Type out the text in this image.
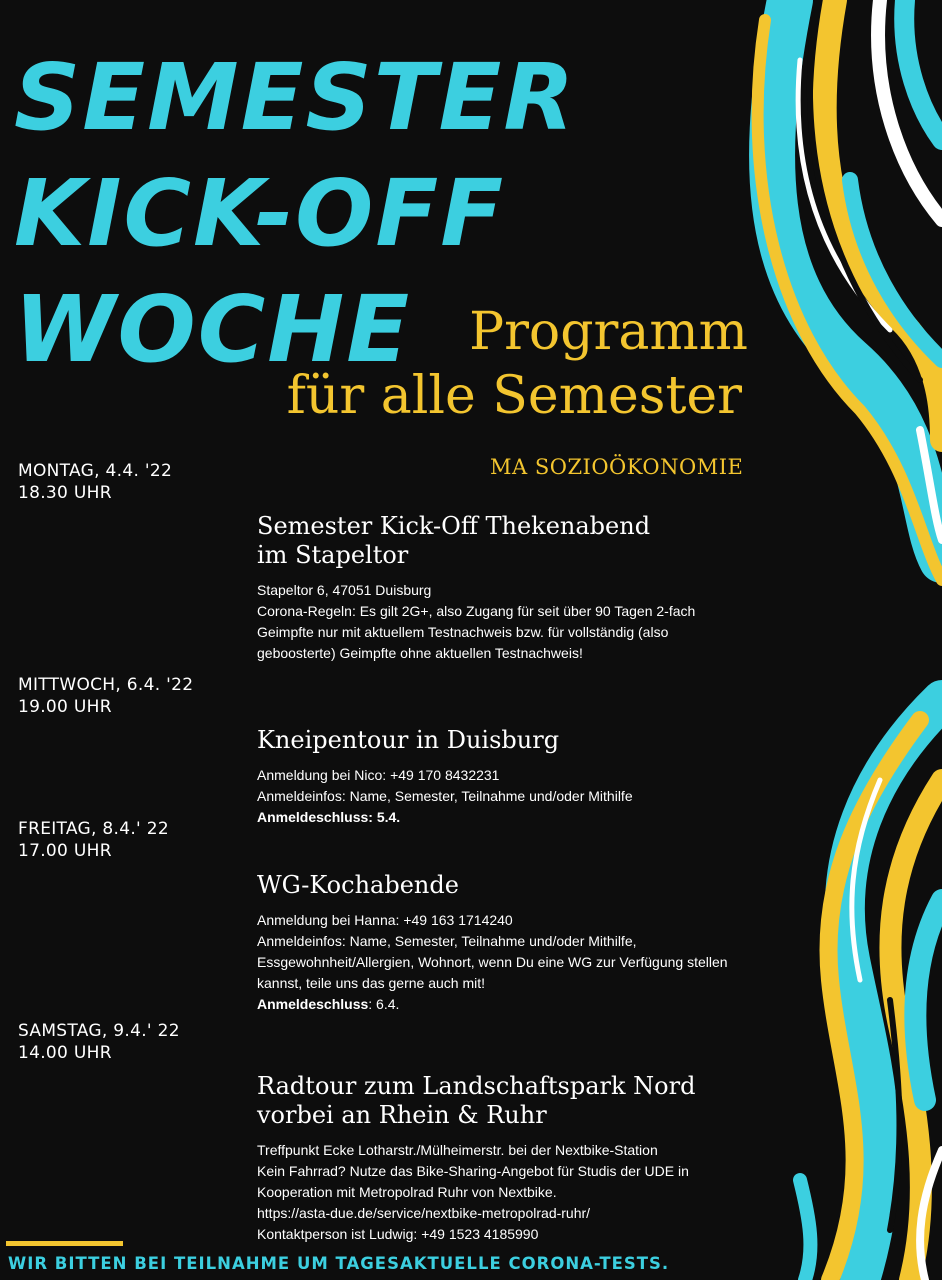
SEMESTER
KICK-OFF
WOCHE	Programm
für alle Semester
MA SOZIOÖKONOMIE
MONTAG, 4.4. '22
18.30 UHR
Semester Kick-Off Thekenabend
im Stapeltor

Stapeltor 6, 47051 Duisburg

Corona-Regeln: Es gilt 2G+, also Zugang für seit über 90 Tagen 2-fach Geimpfte nur mit aktuellem Testnachweis bzw. für vollständig (also geboosterte) Geimpfte ohne aktuellen Testnachweis!

MITTWOCH, 6.4. '22
19.00 UHR
Kneipentour in Duisburg

Anmeldung bei Nico: +49 170 8432231

Anmeldeinfos: Name, Semester, Teilnahme und/oder Mithilfe

Anmeldeschluss: 5.4.

FREITAG, 8.4.' 22
17.00 UHR
WG-Kochabende

Anmeldung bei Hanna: +49 163 1714240

Anmeldeinfos: Name, Semester, Teilnahme und/oder Mithilfe, Essgewohnheit/Allergien, Wohnort, wenn Du eine WG zur Verfügung stellen kannst, teile uns das gerne auch mit!

Anmeldeschluss: 6.4.

SAMSTAG, 9.4.' 22
14.00 UHR
Radtour zum Landschaftspark Nord
vorbei an Rhein & Ruhr

Treffpunkt Ecke Lotharstr./Mülheimerstr. bei der Nextbike-Station

Kein Fahrrad? Nutze das Bike-Sharing-Angebot für Studis der UDE in Kooperation mit Metropolrad Ruhr von Nextbike.

https://asta-due.de/service/nextbike-metropolrad-ruhr/

Kontaktperson ist Ludwig: +49 1523 4185990

WIR BITTEN BEI TEILNAHME UM TAGESAKTUELLE CORONA-TESTS.
